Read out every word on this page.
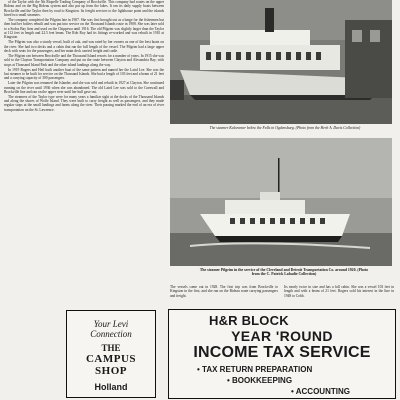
of the Taylor with the 5th Riopelle Trading Company of Brockville. This company had routes on the upper Rideau and on the Big Rideau system and also put up from the lakes. It ran its daily supply boats between Brockville and the Taylor then by road to Kingston. Its freight services to the lighthouse point and the islands hired two small steamers.

The company completed the Pilgrim late in 1907. She was first brought out as a barge for the fishermen but then had her boilers rebuilt and was put into service on the Thousand Islands route in 1908. She was later sold to a Sodus Bay firm and used on the Chippewa until 1916. The old Pilgrim was slightly larger than the Taylor at 112 feet in length and 22.5 feet beam. The Rob Roy had its fittings re-worked and was rebuilt in 1910 at Kingston.

The Pilgrim was also a sturdy vessel, built of oak, and was rated by her owners as one of the best boats on the river. She had two decks and a cabin that ran the full length of the vessel. The Pilgrim had a large upper deck with seats for the passengers, and her main deck carried freight and cattle.

The Pilgrim ran between Brockville and the Thousand Island resorts for a number of years. In 1915 she was sold to the Clayton Transportation Company and put on the route between Clayton and Alexandria Bay, with stops at Thousand Island Park and the other island landings along the way.

In 1919 Rogers and Heil built another boat of the same pattern and named her the Laird Lee. She was the last steamer to be built for service on the Thousand Islands. She had a length of 103 feet and a beam of 21 feet and a carrying capacity of 300 passengers.

Later the Pilgrim was renamed the Islander, and she was sold and rebuilt in 1927 at Clayton. She continued running on the river until 1936 when she was abandoned. The old Laird Lee was sold to the Cornwall and Brockville line and ran on the upper river until her hull gave out.

The steamers of the Taylor type were for many years a familiar sight at the docks of the Thousand Islands and along the shores of Wolfe Island. They were built to carry freight as well as passengers, and they made regular stops at the small landings and farms along the river. Their passing marked the end of an era of river transportation on the St. Lawrence.

The steamer Kaloramer below the Falls in Ogdensburg. (Photo from the Herb A. Davis Collection)
The steamer Pilgrim in the service of the Cleveland and Detroit Transportation Co. around 1920. (Photo from the C. Patrick Labadie Collection)
The vessels came out in 1928. The first trip was from Brockville to Kingston in the first, and she ran on the Rideau route carrying passengers and freight.
Its nearly twice in size and has a full cabin. She was a vessel 103 feet in length and with a beam of 21 feet. Rogers sold his interest in the line in 1948 to Cobb.
Your Levi
Connection
THE
CAMPUS
SHOP
Holland
H&R BLOCK
YEAR 'ROUND
INCOME TAX SERVICE
• TAX RETURN PREPARATION
• BOOKKEEPING
• ACCOUNTING
